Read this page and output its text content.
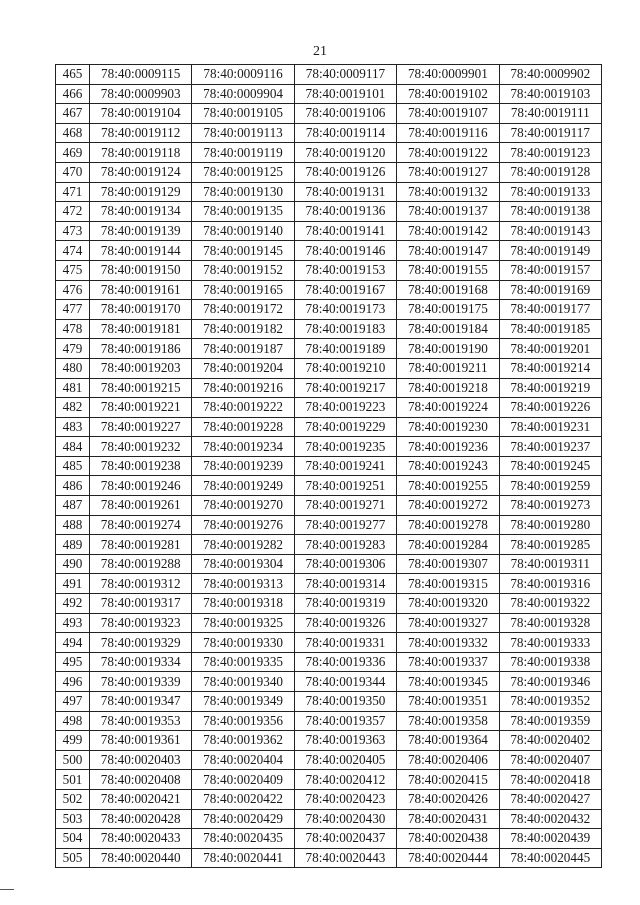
21
465	78:40:0009115	78:40:0009116	78:40:0009117	78:40:0009901	78:40:0009902
466	78:40:0009903	78:40:0009904	78:40:0019101	78:40:0019102	78:40:0019103
467	78:40:0019104	78:40:0019105	78:40:0019106	78:40:0019107	78:40:0019111
468	78:40:0019112	78:40:0019113	78:40:0019114	78:40:0019116	78:40:0019117
469	78:40:0019118	78:40:0019119	78:40:0019120	78:40:0019122	78:40:0019123
470	78:40:0019124	78:40:0019125	78:40:0019126	78:40:0019127	78:40:0019128
471	78:40:0019129	78:40:0019130	78:40:0019131	78:40:0019132	78:40:0019133
472	78:40:0019134	78:40:0019135	78:40:0019136	78:40:0019137	78:40:0019138
473	78:40:0019139	78:40:0019140	78:40:0019141	78:40:0019142	78:40:0019143
474	78:40:0019144	78:40:0019145	78:40:0019146	78:40:0019147	78:40:0019149
475	78:40:0019150	78:40:0019152	78:40:0019153	78:40:0019155	78:40:0019157
476	78:40:0019161	78:40:0019165	78:40:0019167	78:40:0019168	78:40:0019169
477	78:40:0019170	78:40:0019172	78:40:0019173	78:40:0019175	78:40:0019177
478	78:40:0019181	78:40:0019182	78:40:0019183	78:40:0019184	78:40:0019185
479	78:40:0019186	78:40:0019187	78:40:0019189	78:40:0019190	78:40:0019201
480	78:40:0019203	78:40:0019204	78:40:0019210	78:40:0019211	78:40:0019214
481	78:40:0019215	78:40:0019216	78:40:0019217	78:40:0019218	78:40:0019219
482	78:40:0019221	78:40:0019222	78:40:0019223	78:40:0019224	78:40:0019226
483	78:40:0019227	78:40:0019228	78:40:0019229	78:40:0019230	78:40:0019231
484	78:40:0019232	78:40:0019234	78:40:0019235	78:40:0019236	78:40:0019237
485	78:40:0019238	78:40:0019239	78:40:0019241	78:40:0019243	78:40:0019245
486	78:40:0019246	78:40:0019249	78:40:0019251	78:40:0019255	78:40:0019259
487	78:40:0019261	78:40:0019270	78:40:0019271	78:40:0019272	78:40:0019273
488	78:40:0019274	78:40:0019276	78:40:0019277	78:40:0019278	78:40:0019280
489	78:40:0019281	78:40:0019282	78:40:0019283	78:40:0019284	78:40:0019285
490	78:40:0019288	78:40:0019304	78:40:0019306	78:40:0019307	78:40:0019311
491	78:40:0019312	78:40:0019313	78:40:0019314	78:40:0019315	78:40:0019316
492	78:40:0019317	78:40:0019318	78:40:0019319	78:40:0019320	78:40:0019322
493	78:40:0019323	78:40:0019325	78:40:0019326	78:40:0019327	78:40:0019328
494	78:40:0019329	78:40:0019330	78:40:0019331	78:40:0019332	78:40:0019333
495	78:40:0019334	78:40:0019335	78:40:0019336	78:40:0019337	78:40:0019338
496	78:40:0019339	78:40:0019340	78:40:0019344	78:40:0019345	78:40:0019346
497	78:40:0019347	78:40:0019349	78:40:0019350	78:40:0019351	78:40:0019352
498	78:40:0019353	78:40:0019356	78:40:0019357	78:40:0019358	78:40:0019359
499	78:40:0019361	78:40:0019362	78:40:0019363	78:40:0019364	78:40:0020402
500	78:40:0020403	78:40:0020404	78:40:0020405	78:40:0020406	78:40:0020407
501	78:40:0020408	78:40:0020409	78:40:0020412	78:40:0020415	78:40:0020418
502	78:40:0020421	78:40:0020422	78:40:0020423	78:40:0020426	78:40:0020427
503	78:40:0020428	78:40:0020429	78:40:0020430	78:40:0020431	78:40:0020432
504	78:40:0020433	78:40:0020435	78:40:0020437	78:40:0020438	78:40:0020439
505	78:40:0020440	78:40:0020441	78:40:0020443	78:40:0020444	78:40:0020445
